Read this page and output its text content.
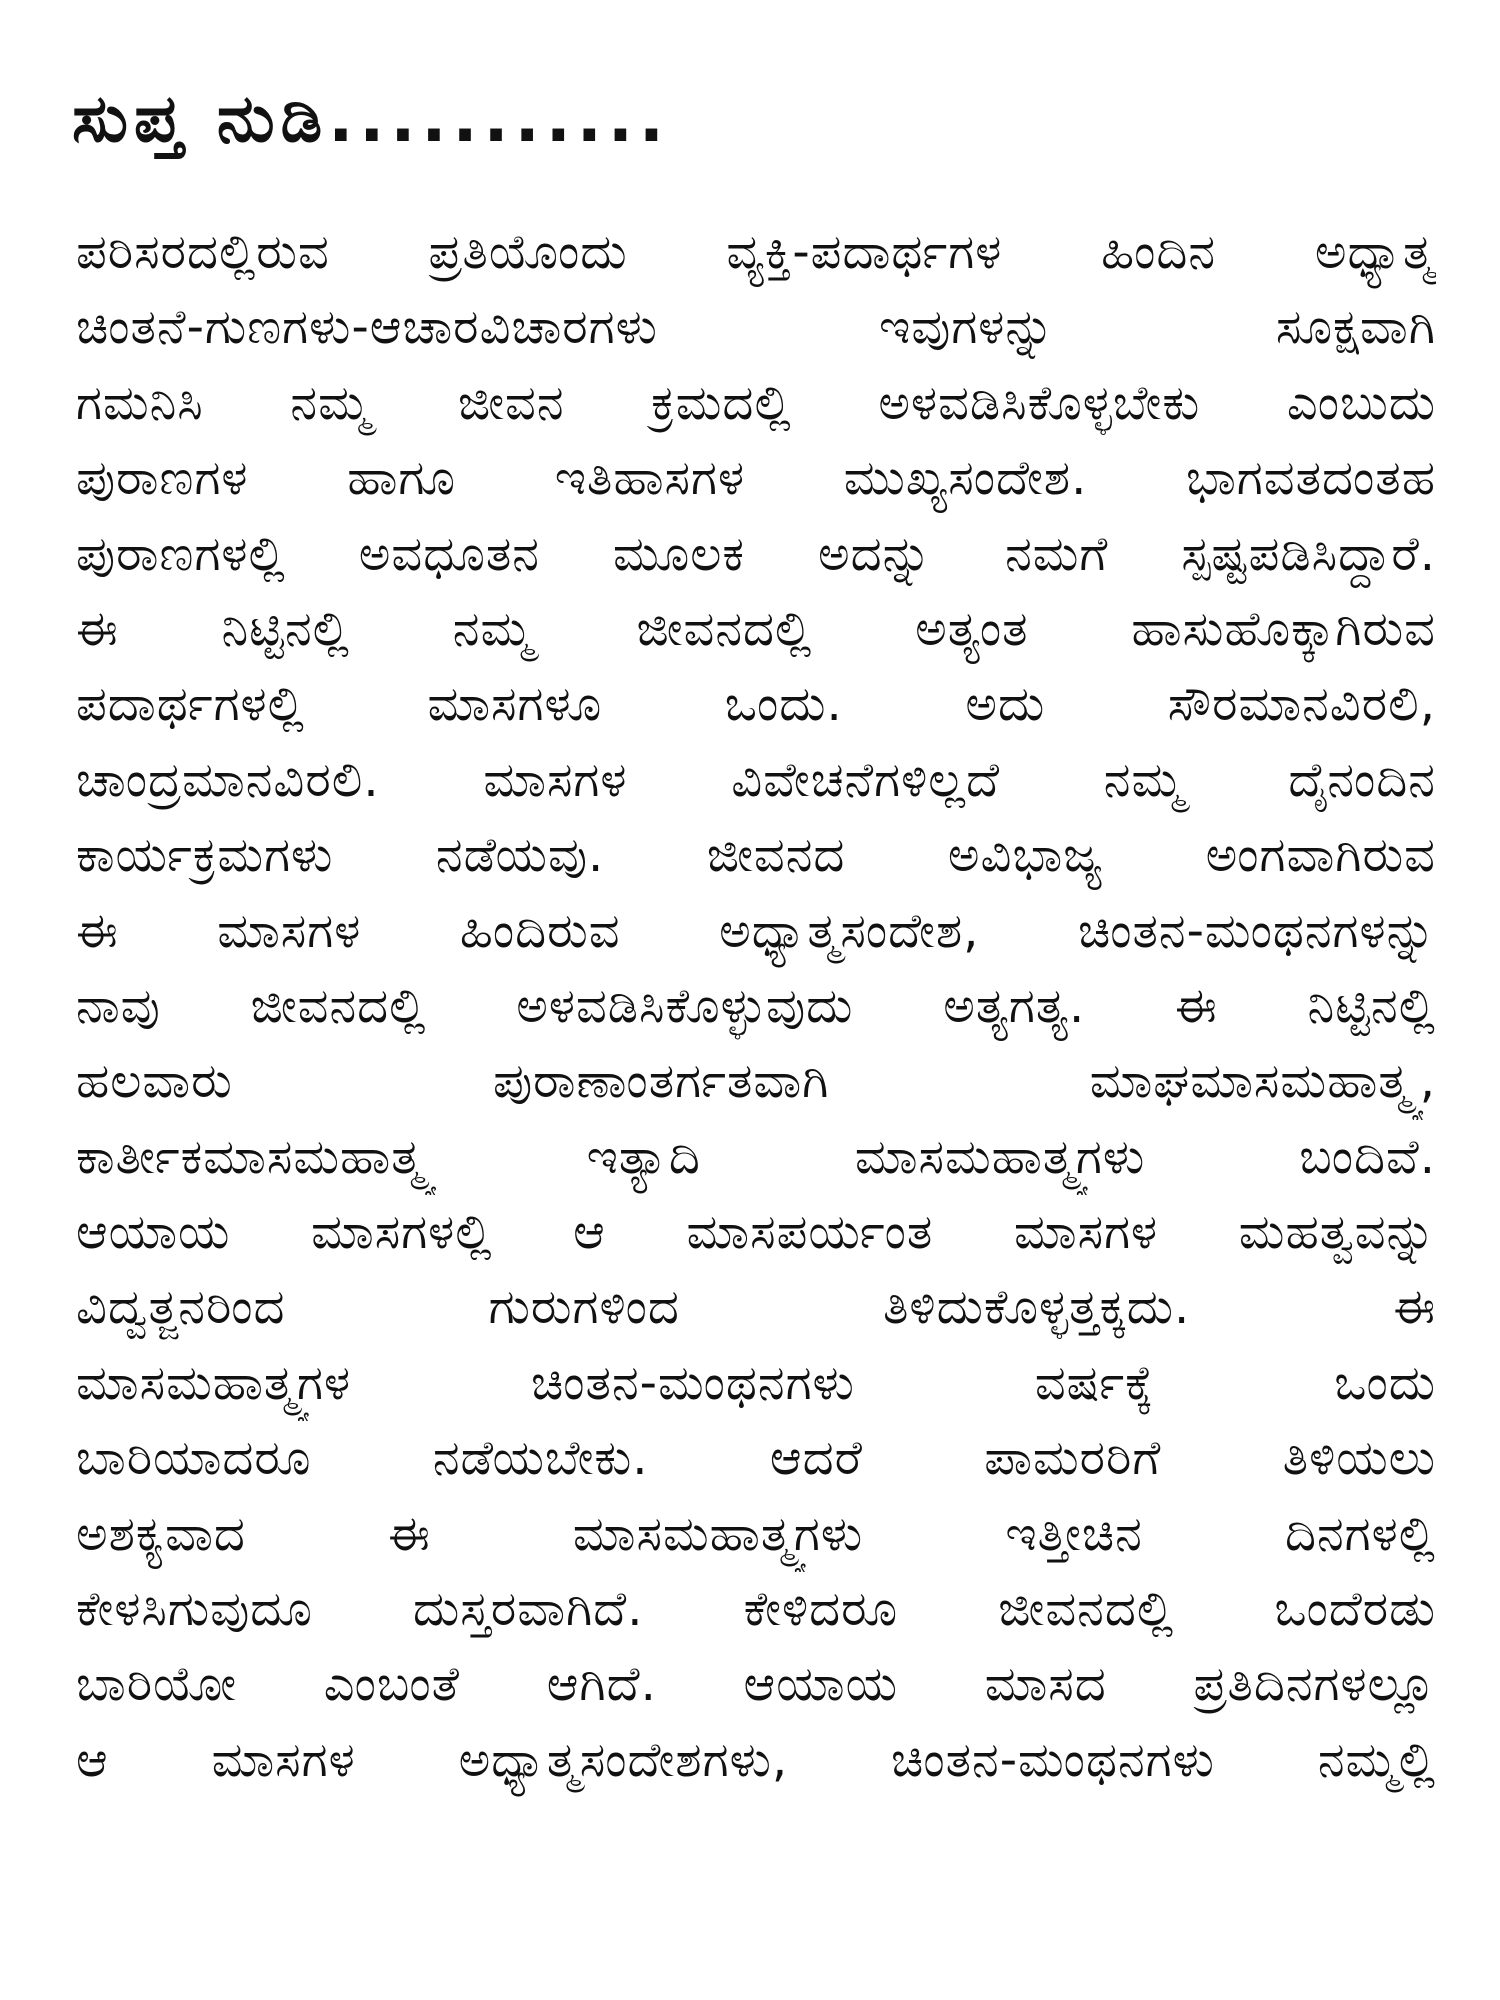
ಸುಪ್ತ ನುಡಿ...........
ಪರಿಸರದಲ್ಲಿರುವ ಪ್ರತಿಯೊಂದು ವ್ಯಕ್ತಿ-ಪದಾರ್ಥಗಳ ಹಿಂದಿನ ಅಧ್ಯಾತ್ಮ
ಚಿಂತನೆ-ಗುಣಗಳು-ಆಚಾರವಿಚಾರಗಳು ಇವುಗಳನ್ನು ಸೂಕ್ಷವಾಗಿ
ಗಮನಿಸಿ ನಮ್ಮ ಜೀವನ ಕ್ರಮದಲ್ಲಿ ಅಳವಡಿಸಿಕೊಳ್ಳಬೇಕು ಎಂಬುದು
ಪುರಾಣಗಳ ಹಾಗೂ ಇತಿಹಾಸಗಳ ಮುಖ್ಯಸಂದೇಶ. ಭಾಗವತದಂತಹ
ಪುರಾಣಗಳಲ್ಲಿ ಅವಧೂತನ ಮೂಲಕ ಅದನ್ನು ನಮಗೆ ಸ್ಪಷ್ಟಪಡಿಸಿದ್ದಾರೆ.
ಈ ನಿಟ್ಟಿನಲ್ಲಿ ನಮ್ಮ ಜೀವನದಲ್ಲಿ ಅತ್ಯಂತ ಹಾಸುಹೊಕ್ಕಾಗಿರುವ
ಪದಾರ್ಥಗಳಲ್ಲಿ ಮಾಸಗಳೂ ಒಂದು. ಅದು ಸೌರಮಾನವಿರಲಿ,
ಚಾಂದ್ರಮಾನವಿರಲಿ. ಮಾಸಗಳ ವಿವೇಚನೆಗಳಿಲ್ಲದೆ ನಮ್ಮ ದೈನಂದಿನ
ಕಾರ್ಯಕ್ರಮಗಳು ನಡೆಯವು. ಜೀವನದ ಅವಿಭಾಜ್ಯ ಅಂಗವಾಗಿರುವ
ಈ ಮಾಸಗಳ ಹಿಂದಿರುವ ಅಧ್ಯಾತ್ಮಸಂದೇಶ, ಚಿಂತನ-ಮಂಥನಗಳನ್ನು
ನಾವು ಜೀವನದಲ್ಲಿ ಅಳವಡಿಸಿಕೊಳ್ಳುವುದು ಅತ್ಯಗತ್ಯ. ಈ ನಿಟ್ಟಿನಲ್ಲಿ
ಹಲವಾರು ಪುರಾಣಾಂತರ್ಗತವಾಗಿ ಮಾಘಮಾಸಮಹಾತ್ಮ್ಯ,
ಕಾರ್ತೀಕಮಾಸಮಹಾತ್ಮ್ಯ ಇತ್ಯಾದಿ ಮಾಸಮಹಾತ್ಮ್ಯಗಳು ಬಂದಿವೆ.
ಆಯಾಯ ಮಾಸಗಳಲ್ಲಿ ಆ ಮಾಸಪರ್ಯಂತ ಮಾಸಗಳ ಮಹತ್ವವನ್ನು
ವಿದ್ವತ್ಜನರಿಂದ ಗುರುಗಳಿಂದ ತಿಳಿದುಕೊಳ್ಳತ್ತಕ್ಕದು. ಈ
ಮಾಸಮಹಾತ್ಮ್ಯಗಳ ಚಿಂತನ-ಮಂಥನಗಳು ವರ್ಷಕ್ಕೆ ಒಂದು
ಬಾರಿಯಾದರೂ ನಡೆಯಬೇಕು. ಆದರೆ ಪಾಮರರಿಗೆ ತಿಳಿಯಲು
ಅಶಕ್ಯವಾದ ಈ ಮಾಸಮಹಾತ್ಮ್ಯಗಳು ಇತ್ತೀಚಿನ ದಿನಗಳಲ್ಲಿ
ಕೇಳಸಿಗುವುದೂ ದುಸ್ತರವಾಗಿದೆ. ಕೇಳಿದರೂ ಜೀವನದಲ್ಲಿ ಒಂದೆರಡು
ಬಾರಿಯೋ ಎಂಬಂತೆ ಆಗಿದೆ. ಆಯಾಯ ಮಾಸದ ಪ್ರತಿದಿನಗಳಲ್ಲೂ
ಆ ಮಾಸಗಳ ಅಧ್ಯಾತ್ಮಸಂದೇಶಗಳು, ಚಿಂತನ-ಮಂಥನಗಳು ನಮ್ಮಲ್ಲಿ
